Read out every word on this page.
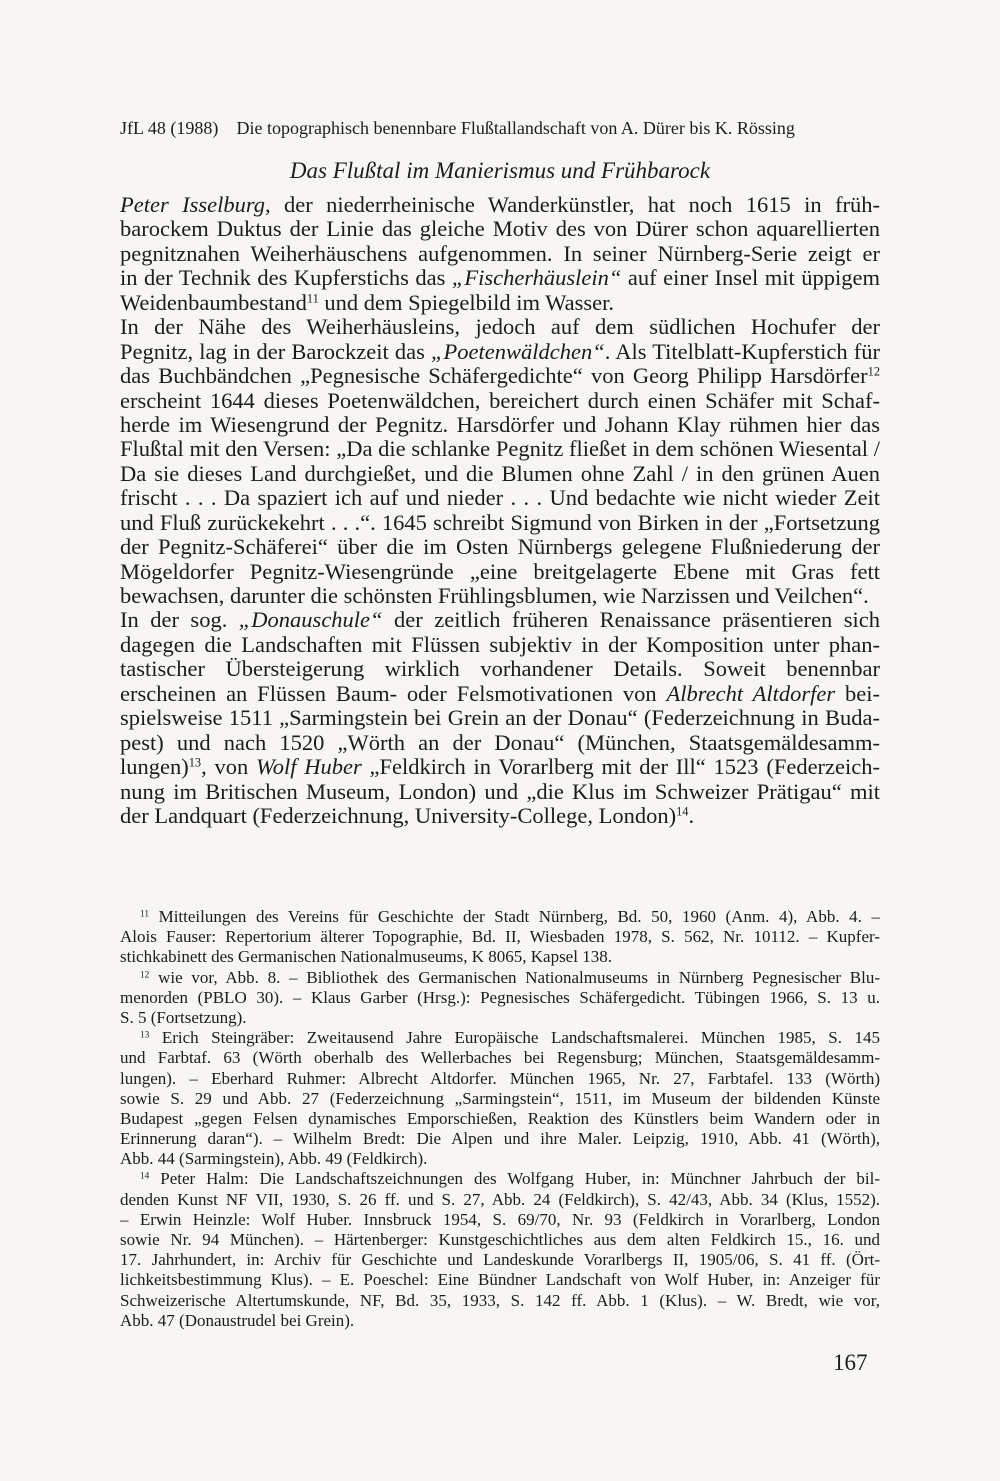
JfL 48 (1988) Die topographisch benennbare Flußtallandschaft von A. Dürer bis K. Rössing
Das Flußtal im Manierismus und Frühbarock
Peter Isselburg, der niederrheinische Wanderkünstler, hat noch 1615 in früh-
barockem Duktus der Linie das gleiche Motiv des von Dürer schon aquarellierten
pegnitznahen Weiherhäuschens aufgenommen. In seiner Nürnberg-Serie zeigt er
in der Technik des Kupferstichs das „Fischerhäuslein“ auf einer Insel mit üppigem
Weidenbaumbestand$^{11}$ und dem Spiegelbild im Wasser.
In der Nähe des Weiherhäusleins, jedoch auf dem südlichen Hochufer der
Pegnitz, lag in der Barockzeit das „Poetenwäldchen“. Als Titelblatt-Kupferstich für
das Buchbändchen „Pegnesische Schäfergedichte“ von Georg Philipp Harsdörfer$^{12}$
erscheint 1644 dieses Poetenwäldchen, bereichert durch einen Schäfer mit Schaf-
herde im Wiesengrund der Pegnitz. Harsdörfer und Johann Klay rühmen hier das
Flußtal mit den Versen: „Da die schlanke Pegnitz fließet in dem schönen Wiesental /
Da sie dieses Land durchgießet, und die Blumen ohne Zahl / in den grünen Auen
frischt . . . Da spaziert ich auf und nieder . . . Und bedachte wie nicht wieder Zeit
und Fluß zurückekehrt . . .“. 1645 schreibt Sigmund von Birken in der „Fortsetzung
der Pegnitz-Schäferei“ über die im Osten Nürnbergs gelegene Flußniederung der
Mögeldorfer Pegnitz-Wiesengründe „eine breitgelagerte Ebene mit Gras fett
bewachsen, darunter die schönsten Frühlingsblumen, wie Narzissen und Veilchen“.
In der sog. „Donauschule“ der zeitlich früheren Renaissance präsentieren sich
dagegen die Landschaften mit Flüssen subjektiv in der Komposition unter phan-
tastischer Übersteigerung wirklich vorhandener Details. Soweit benennbar
erscheinen an Flüssen Baum- oder Felsmotivationen von Albrecht Altdorfer bei-
spielsweise 1511 „Sarmingstein bei Grein an der Donau“ (Federzeichnung in Buda-
pest) und nach 1520 „Wörth an der Donau“ (München, Staatsgemäldesamm-
lungen)$^{13}$, von Wolf Huber „Feldkirch in Vorarlberg mit der Ill“ 1523 (Federzeich-
nung im Britischen Museum, London) und „die Klus im Schweizer Prätigau“ mit
der Landquart (Federzeichnung, University-College, London)$^{14}$.
$^{11}$ Mitteilungen des Vereins für Geschichte der Stadt Nürnberg, Bd. 50, 1960 (Anm. 4), Abb. 4. –
Alois Fauser: Repertorium älterer Topographie, Bd. II, Wiesbaden 1978, S. 562, Nr. 10112. – Kupfer-
stichkabinett des Germanischen Nationalmuseums, K 8065, Kapsel 138.
$^{12}$ wie vor, Abb. 8. – Bibliothek des Germanischen Nationalmuseums in Nürnberg Pegnesischer Blu-
menorden (PBLO 30). – Klaus Garber (Hrsg.): Pegnesisches Schäfergedicht. Tübingen 1966, S. 13 u.
S. 5 (Fortsetzung).
$^{13}$ Erich Steingräber: Zweitausend Jahre Europäische Landschaftsmalerei. München 1985, S. 145
und Farbtaf. 63 (Wörth oberhalb des Wellerbaches bei Regensburg; München, Staatsgemäldesamm-
lungen). – Eberhard Ruhmer: Albrecht Altdorfer. München 1965, Nr. 27, Farbtafel. 133 (Wörth)
sowie S. 29 und Abb. 27 (Federzeichnung „Sarmingstein“, 1511, im Museum der bildenden Künste
Budapest „gegen Felsen dynamisches Emporschießen, Reaktion des Künstlers beim Wandern oder in
Erinnerung daran“). – Wilhelm Bredt: Die Alpen und ihre Maler. Leipzig, 1910, Abb. 41 (Wörth),
Abb. 44 (Sarmingstein), Abb. 49 (Feldkirch).
$^{14}$ Peter Halm: Die Landschaftszeichnungen des Wolfgang Huber, in: Münchner Jahrbuch der bil-
denden Kunst NF VII, 1930, S. 26 ff. und S. 27, Abb. 24 (Feldkirch), S. 42/43, Abb. 34 (Klus, 1552).
– Erwin Heinzle: Wolf Huber. Innsbruck 1954, S. 69/70, Nr. 93 (Feldkirch in Vorarlberg, London
sowie Nr. 94 München). – Härtenberger: Kunstgeschichtliches aus dem alten Feldkirch 15., 16. und
17. Jahrhundert, in: Archiv für Geschichte und Landeskunde Vorarlbergs II, 1905/06, S. 41 ff. (Ört-
lichkeitsbestimmung Klus). – E. Poeschel: Eine Bündner Landschaft von Wolf Huber, in: Anzeiger für
Schweizerische Altertumskunde, NF, Bd. 35, 1933, S. 142 ff. Abb. 1 (Klus). – W. Bredt, wie vor,
Abb. 47 (Donaustrudel bei Grein).
167
